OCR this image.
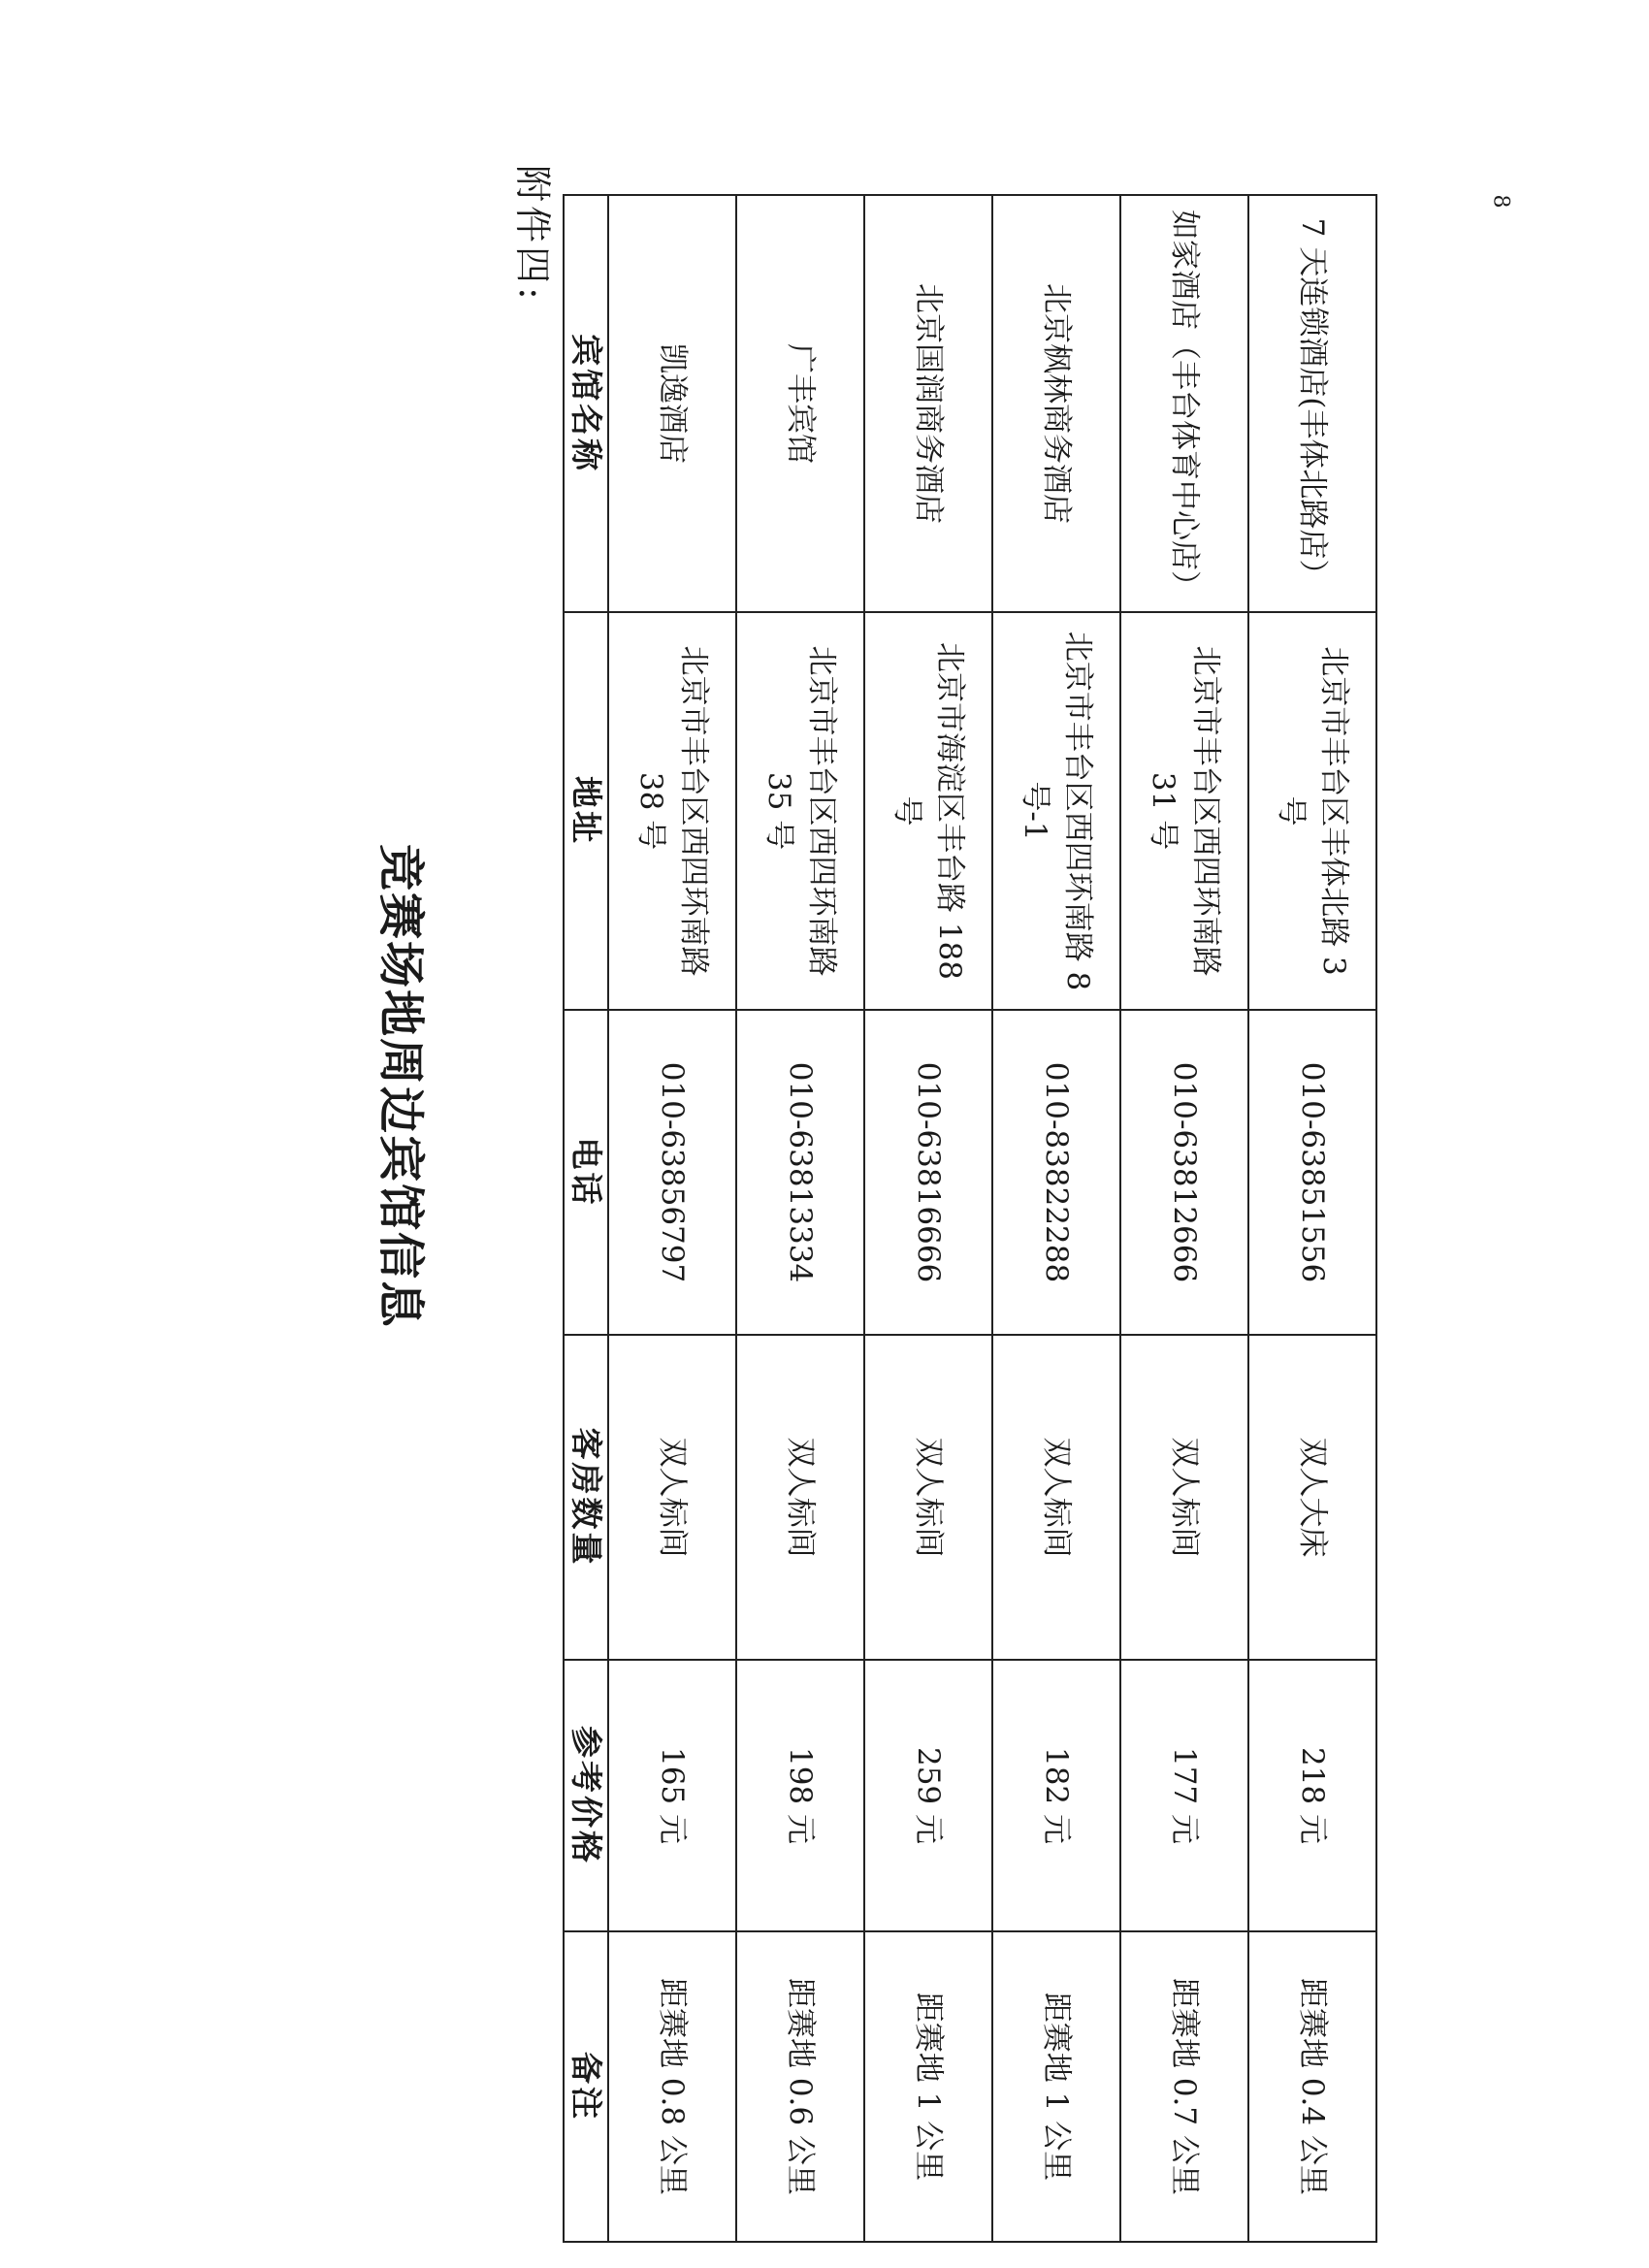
8
宾馆名称	地址	电话	客房数量	参考价格	备注
凯逸酒店	北京市丰台区西四环南路 38 号	010-63856797	双人标间	165 元	距赛地 0.8 公里
广丰宾馆	北京市丰台区西四环南路 35 号	010-63813334	双人标间	198 元	距赛地 0.6 公里
北京国润商务酒店	北京市海淀区丰台路 188 号	010-63816666	双人标间	259 元	距赛地 1 公里
北京枫林商务酒店	北京市丰台区西四环南路 8 号-1	010-83822288	双人标间	182 元	距赛地 1 公里
如家酒店（丰台体育中心店）	北京市丰台区西四环南路 31 号	010-63812666	双人标间	177 元	距赛地 0.7 公里
7 天连锁酒店(丰体北路店）	北京市丰台区丰体北路 3 号	010-63851556	双人大床	218 元	距赛地 0.4 公里
竞赛场地周边宾馆信息
附件四:
